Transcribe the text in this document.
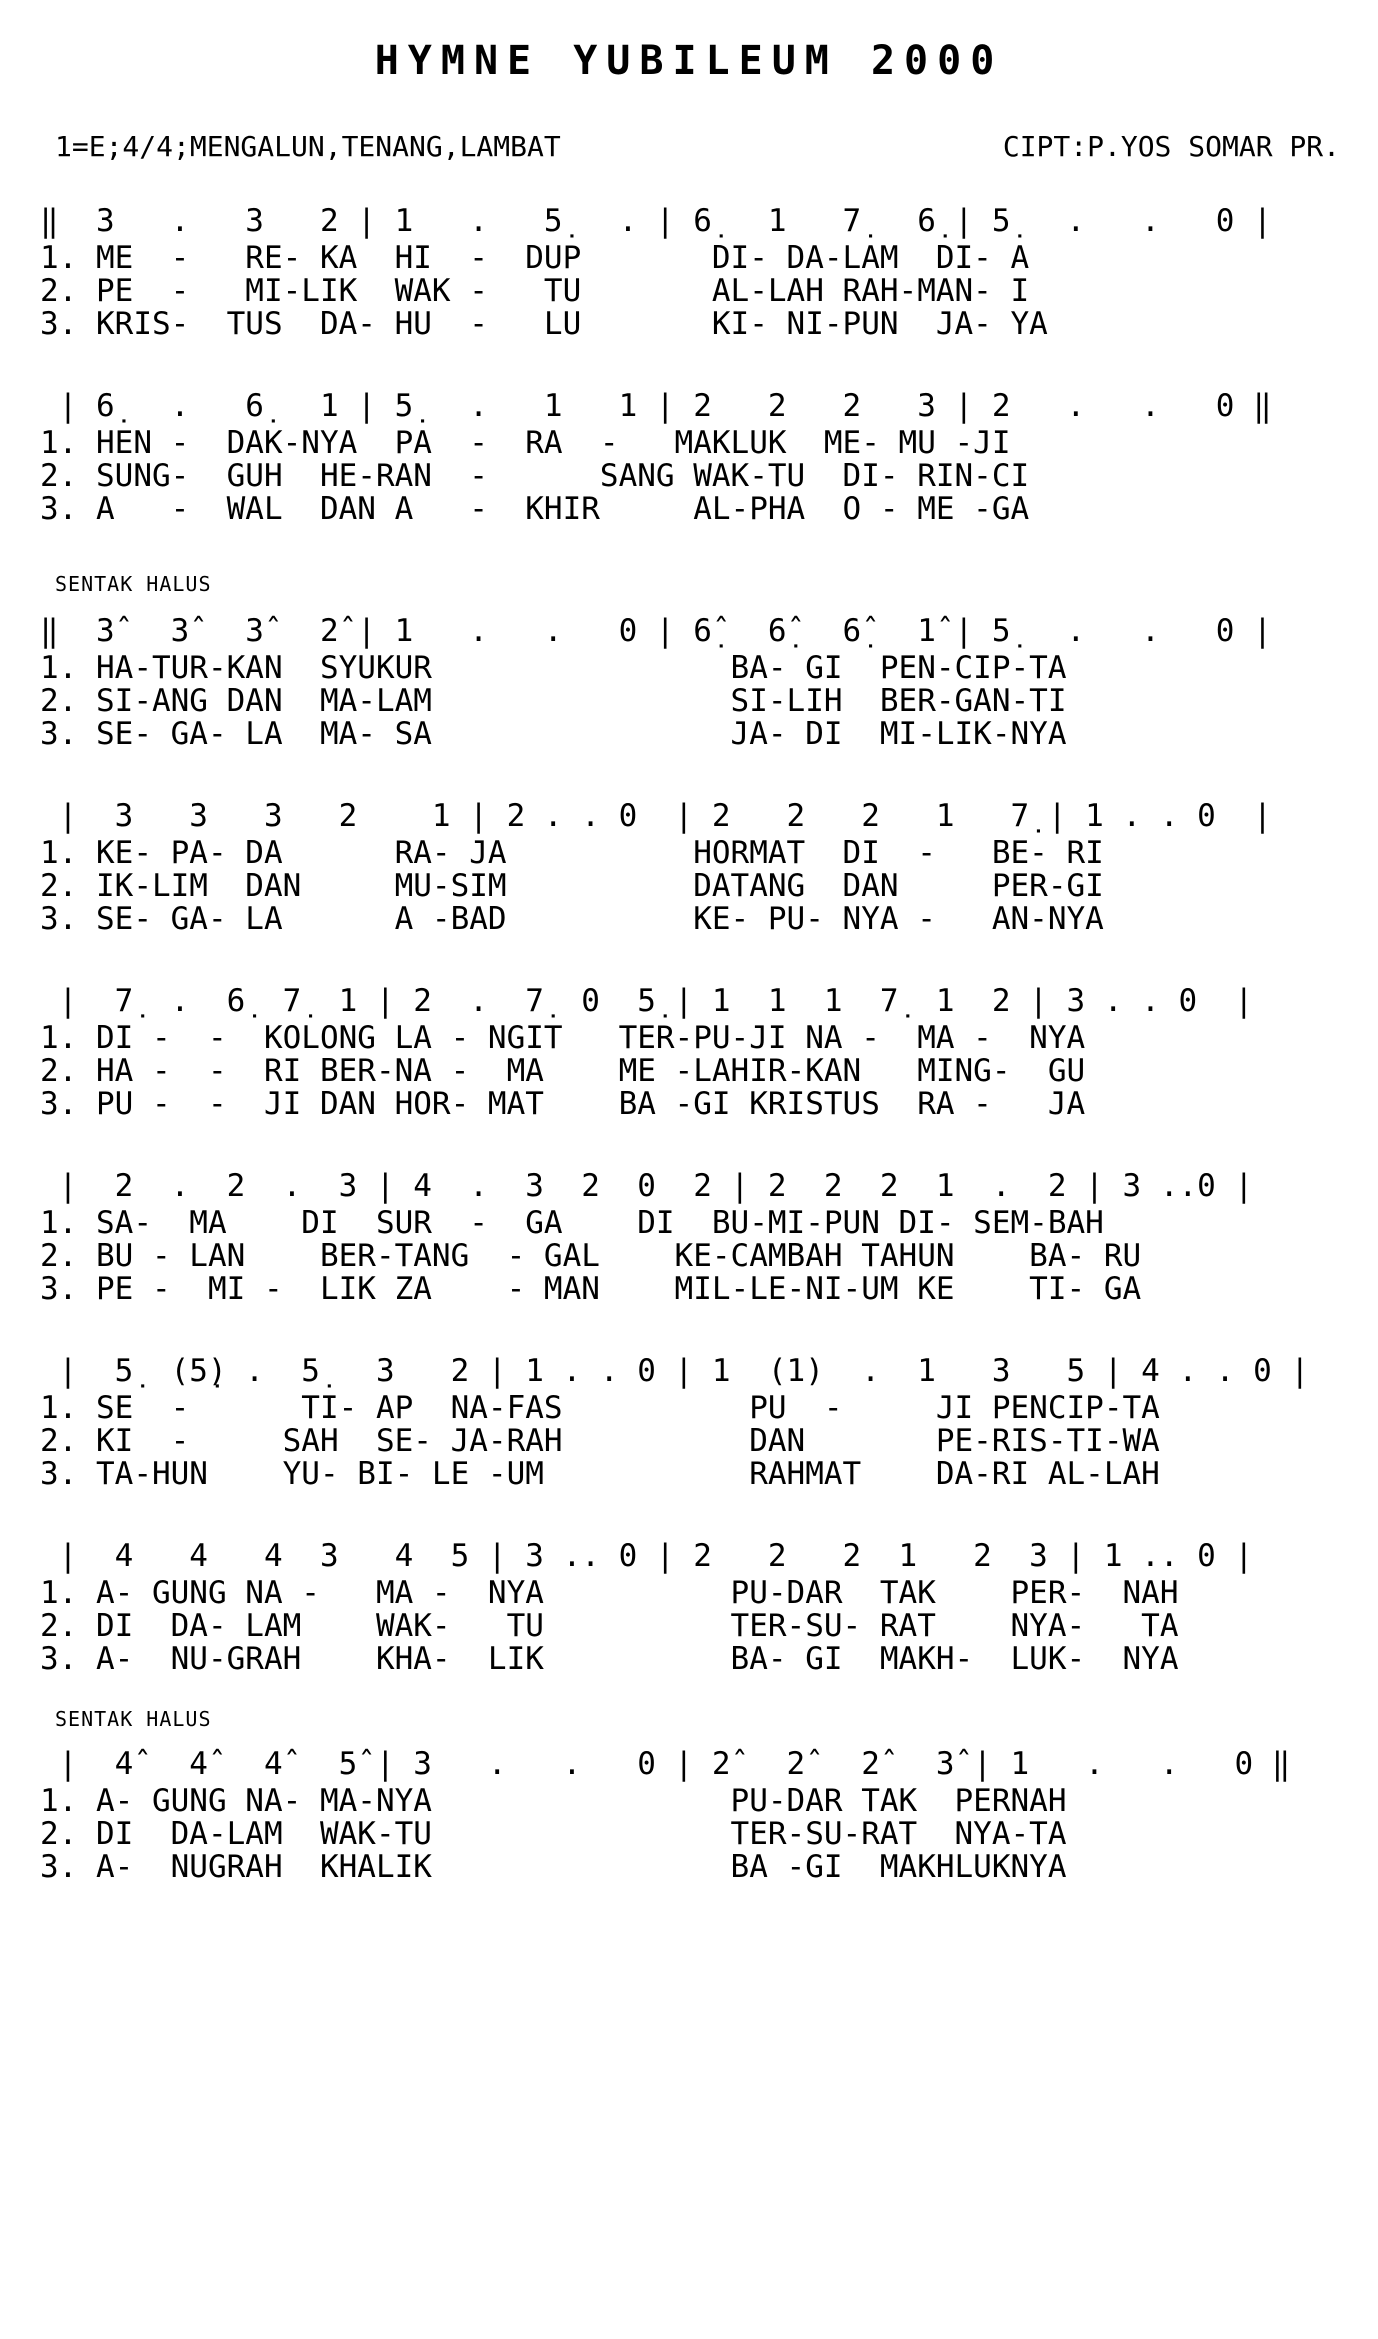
HYMNE YUBILEUM 2000
1=E;4/4;MENGALUN,TENANG,LAMBAT	CIPT:P.YOS SOMAR PR.
‖  3   .   3   2 | 1   .   5̣   . | 6̣   1   7̣   6̣ | 5̣   .   .   0 |
1. ME  -   RE- KA  HI  -  DUP       DI- DA-LAM  DI- A
2. PE  -   MI-LIK  WAK -   TU       AL-LAH RAH-MAN- I
3. KRIS-  TUS  DA- HU  -   LU       KI- NI-PUN  JA- YA
| 6̣   .   6̣   1 | 5̣   .   1   1 | 2   2   2   3 | 2   .   .   0 ‖
1. HEN -  DAK-NYA  PA  -  RA  -   MAKLUK  ME- MU -JI
2. SUNG-  GUH  HE-RAN  -      SANG WAK-TU  DI- RIN-CI
3. A   -  WAL  DAN A   -  KHIR     AL-PHA  O - ME -GA
SENTAK HALUS
‖  3̂   3̂   3̂   2̂ | 1   .   .   0 | 6̣̂   6̣̂   6̣̂   1̂ | 5̣   .   .   0 |
1. HA-TUR-KAN  SYUKUR                BA- GI  PEN-CIP-TA
2. SI-ANG DAN  MA-LAM                SI-LIH  BER-GAN-TI
3. SE- GA- LA  MA- SA                JA- DI  MI-LIK-NYA
|  3   3   3   2    1 | 2 . . 0  | 2   2   2   1   7̣ | 1 . . 0  |
1. KE- PA- DA      RA- JA          HORMAT  DI  -   BE- RI
2. IK-LIM  DAN     MU-SIM          DATANG  DAN     PER-GI
3. SE- GA- LA      A -BAD          KE- PU- NYA -   AN-NYA
|  7̣  .  6̣  7̣  1 | 2  .  7̣  0  5̣ | 1  1  1  7̣  1  2 | 3 . . 0  |
1. DI -  -  KOLONG LA - NGIT   TER-PU-JI NA -  MA -  NYA
2. HA -  -  RI BER-NA -  MA    ME -LAHIR-KAN   MING-  GU
3. PU -  -  JI DAN HOR- MAT    BA -GI KRISTUS  RA -   JA
|  2  .  2  .  3 | 4  .  3  2  0  2 | 2  2  2  1  .  2 | 3 ..0 |
1. SA-  MA    DI  SUR  -  GA    DI  BU-MI-PUN DI- SEM-BAH
2. BU - LAN    BER-TANG  - GAL    KE-CAMBAH TAHUN    BA- RU
3. PE -  MI -  LIK ZA    - MAN    MIL-LE-NI-UM KE    TI- GA
|  5̣  (5̣) .  5̣   3   2 | 1 . . 0 | 1  (1)  .  1   3   5 | 4 . . 0 |
1. SE  -      TI- AP  NA-FAS          PU  -     JI PENCIP-TA
2. KI  -     SAH  SE- JA-RAH          DAN       PE-RIS-TI-WA
3. TA-HUN    YU- BI- LE -UM           RAHMAT    DA-RI AL-LAH
|  4   4   4  3   4  5 | 3 .. 0 | 2   2   2  1   2  3 | 1 .. 0 |
1. A- GUNG NA -   MA -  NYA          PU-DAR  TAK    PER-  NAH
2. DI  DA- LAM    WAK-   TU          TER-SU- RAT    NYA-   TA
3. A-  NU-GRAH    KHA-  LIK          BA- GI  MAKH-  LUK-  NYA
SENTAK HALUS
|  4̂   4̂   4̂   5̂ | 3   .   .   0 | 2̂   2̂   2̂   3̂ | 1   .   .   0 ‖
1. A- GUNG NA- MA-NYA                PU-DAR TAK  PERNAH
2. DI  DA-LAM  WAK-TU                TER-SU-RAT  NYA-TA
3. A-  NUGRAH  KHALIK                BA -GI  MAKHLUKNYA
